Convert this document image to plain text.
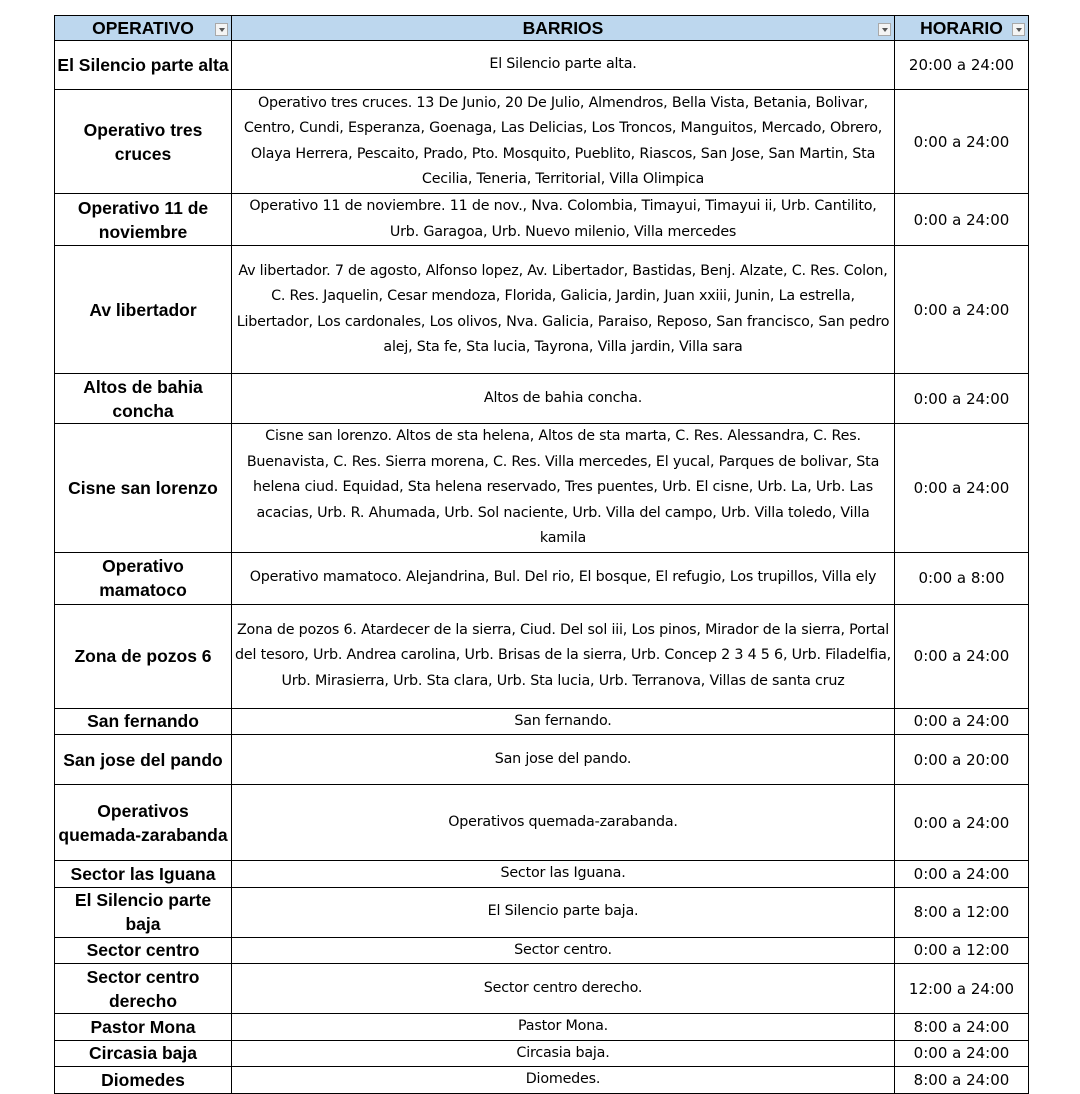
OPERATIVO	BARRIOS	HORARIO

El Silencio parte alta	El Silencio parte alta.	20:00 a 24:00
Operativo tres cruces	Operativo tres cruces. 13 De Junio, 20 De Julio, Almendros, Bella Vista, Betania, Bolivar, Centro, Cundi, Esperanza, Goenaga, Las Delicias, Los Troncos, Manguitos, Mercado, Obrero, Olaya Herrera, Pescaito, Prado, Pto. Mosquito, Pueblito, Riascos, San Jose, San Martin, Sta Cecilia, Teneria, Territorial, Villa Olimpica	0:00 a 24:00
Operativo 11 de noviembre	Operativo 11 de noviembre. 11 de nov., Nva. Colombia, Timayui, Timayui ii, Urb. Cantilito, Urb. Garagoa, Urb. Nuevo milenio, Villa mercedes	0:00 a 24:00
Av libertador	Av libertador. 7 de agosto, Alfonso lopez, Av. Libertador, Bastidas, Benj. Alzate, C. Res. Colon, C. Res. Jaquelin, Cesar mendoza, Florida, Galicia, Jardin, Juan xxiii, Junin, La estrella, Libertador, Los cardonales, Los olivos, Nva. Galicia, Paraiso, Reposo, San francisco, San pedro alej, Sta fe, Sta lucia, Tayrona, Villa jardin, Villa sara	0:00 a 24:00
Altos de bahia concha	Altos de bahia concha.	0:00 a 24:00
Cisne san lorenzo	Cisne san lorenzo. Altos de sta helena, Altos de sta marta, C. Res. Alessandra, C. Res. Buenavista, C. Res. Sierra morena, C. Res. Villa mercedes, El yucal, Parques de bolivar, Sta helena ciud. Equidad, Sta helena reservado, Tres puentes, Urb. El cisne, Urb. La, Urb. Las acacias, Urb. R. Ahumada, Urb. Sol naciente, Urb. Villa del campo, Urb. Villa toledo, Villa kamila	0:00 a 24:00
Operativo mamatoco	Operativo mamatoco. Alejandrina, Bul. Del rio, El bosque, El refugio, Los trupillos, Villa ely	0:00 a 8:00
Zona de pozos 6	Zona de pozos 6. Atardecer de la sierra, Ciud. Del sol iii, Los pinos, Mirador de la sierra, Portal del tesoro, Urb. Andrea carolina, Urb. Brisas de la sierra, Urb. Concep 2 3 4 5 6, Urb. Filadelfia, Urb. Mirasierra, Urb. Sta clara, Urb. Sta lucia, Urb. Terranova, Villas de santa cruz	0:00 a 24:00
San fernando	San fernando.	0:00 a 24:00
San jose del pando	San jose del pando.	0:00 a 20:00
Operativos quemada-zarabanda	Operativos quemada-zarabanda.	0:00 a 24:00
Sector las Iguana	Sector las Iguana.	0:00 a 24:00
El Silencio parte baja	El Silencio parte baja.	8:00 a 12:00
Sector centro	Sector centro.	0:00 a 12:00
Sector centro derecho	Sector centro derecho.	12:00 a 24:00
Pastor Mona	Pastor Mona.	8:00 a 24:00
Circasia baja	Circasia baja.	0:00 a 24:00
Diomedes	Diomedes.	8:00 a 24:00
